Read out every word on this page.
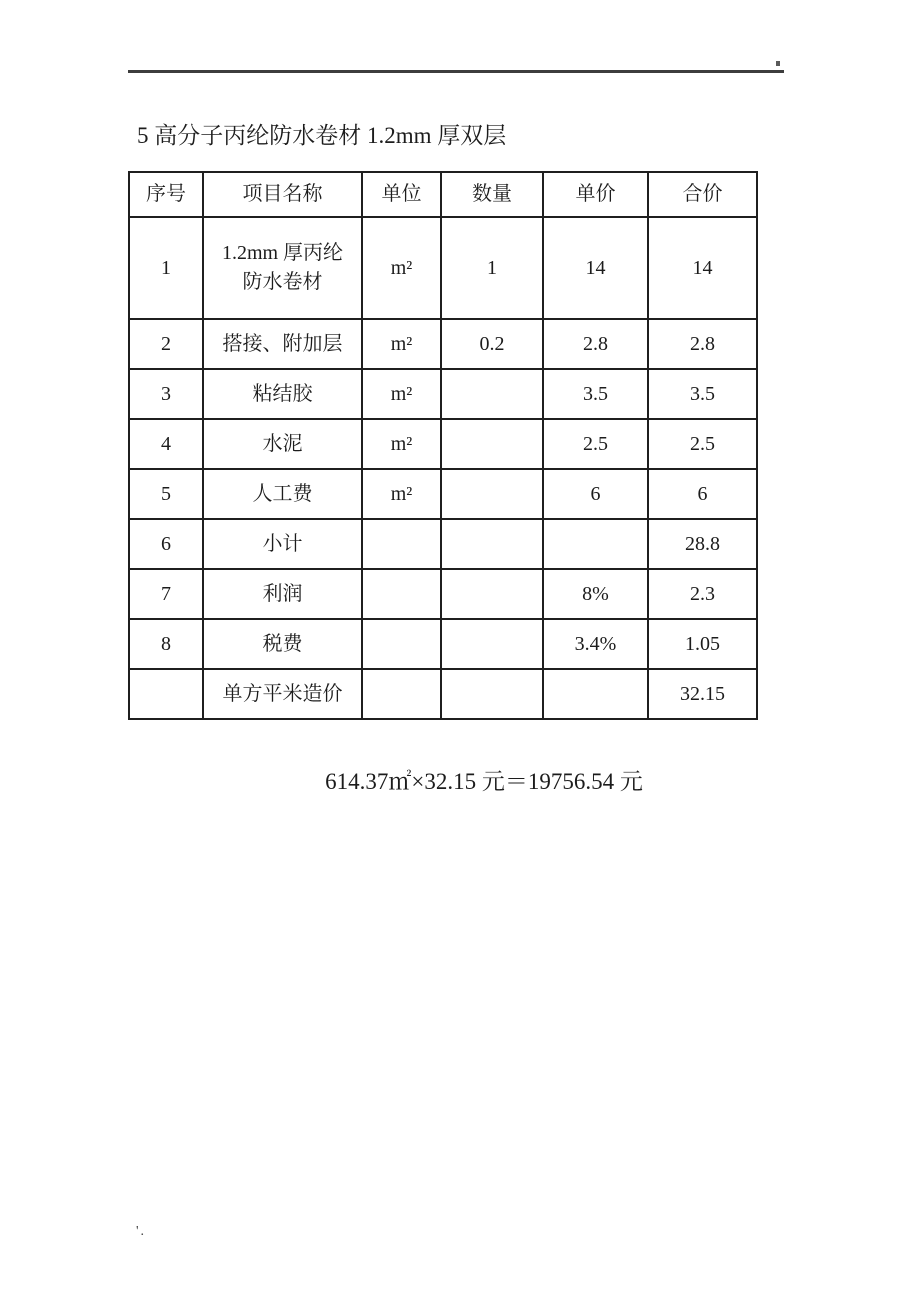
5 高分子丙纶防水卷材 1.2mm 厚双层
序号	项目名称	单位	数量	单价	合价
1	1.2mm 厚丙纶防水卷材	m²	1	14	14
2	搭接、附加层	m²	0.2	2.8	2.8
3	粘结胶	m²		3.5	3.5
4	水泥	m²		2.5	2.5
5	人工费	m²		6	6
6	小计				28.8
7	利润			8%	2.3
8	税费			3.4%	1.05
	单方平米造价				32.15
614.37㎡×32.15 元＝19756.54 元
'.
